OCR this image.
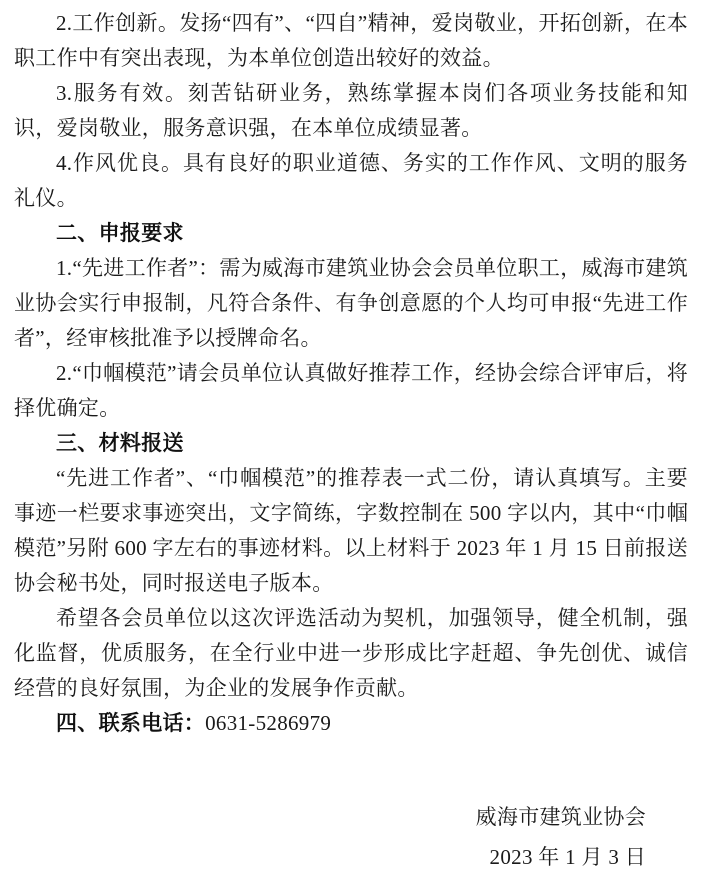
2.工作创新。发扬“四有”、“四自”精神，爱岗敬业，开拓创新，在本职工作中有突出表现，为本单位创造出较好的效益。

3.服务有效。刻苦钻研业务，熟练掌握本岗们各项业务技能和知识，爱岗敬业，服务意识强，在本单位成绩显著。

4.作风优良。具有良好的职业道德、务实的工作作风、文明的服务礼仪。

二、申报要求

1.“先进工作者”：需为威海市建筑业协会会员单位职工，威海市建筑业协会实行申报制，凡符合条件、有争创意愿的个人均可申报“先进工作者”，经审核批准予以授牌命名。

2.“巾帼模范”请会员单位认真做好推荐工作，经协会综合评审后，将择优确定。

三、材料报送

“先进工作者”、“巾帼模范”的推荐表一式二份，请认真填写。主要事迹一栏要求事迹突出，文字简练，字数控制在 500 字以内，其中“巾帼模范”另附 600 字左右的事迹材料。以上材料于 2023 年 1 月 15 日前报送协会秘书处，同时报送电子版本。

希望各会员单位以这次评选活动为契机，加强领导，健全机制，强化监督，优质服务，在全行业中进一步形成比字赶超、争先创优、诚信经营的良好氛围，为企业的发展争作贡献。

四、联系电话：0631-5286979

威海市建筑业协会
2023 年 1 月 3 日
